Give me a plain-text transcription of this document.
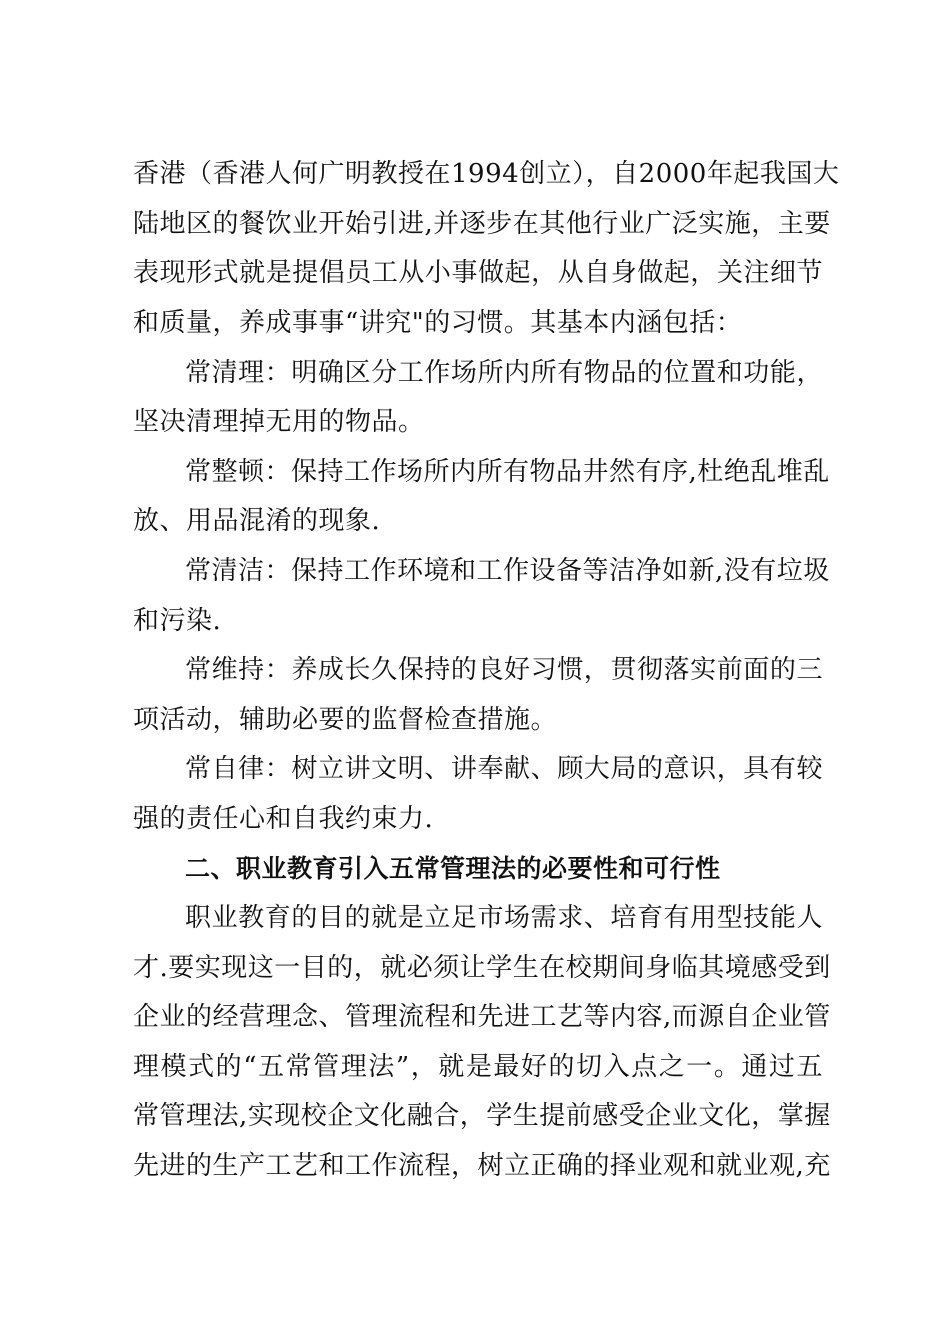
香港（香港人何广明教授在1994创立），自2000年起我国大
陆地区的餐饮业开始引进,并逐步在其他行业广泛实施，主要
表现形式就是提倡员工从小事做起，从自身做起，关注细节
和质量，养成事事“讲究"的习惯。其基本内涵包括：
常清理：明确区分工作场所内所有物品的位置和功能，
坚决清理掉无用的物品。
常整顿：保持工作场所内所有物品井然有序,杜绝乱堆乱
放、用品混淆的现象.
常清洁：保持工作环境和工作设备等洁净如新,没有垃圾
和污染.
常维持：养成长久保持的良好习惯，贯彻落实前面的三
项活动，辅助必要的监督检查措施。
常自律：树立讲文明、讲奉献、顾大局的意识，具有较
强的责任心和自我约束力.
二、职业教育引入五常管理法的必要性和可行性
职业教育的目的就是立足市场需求、培育有用型技能人
才.要实现这一目的，就必须让学生在校期间身临其境感受到
企业的经营理念、管理流程和先进工艺等内容,而源自企业管
理模式的“五常管理法”，就是最好的切入点之一。通过五
常管理法,实现校企文化融合，学生提前感受企业文化，掌握
先进的生产工艺和工作流程，树立正确的择业观和就业观,充
